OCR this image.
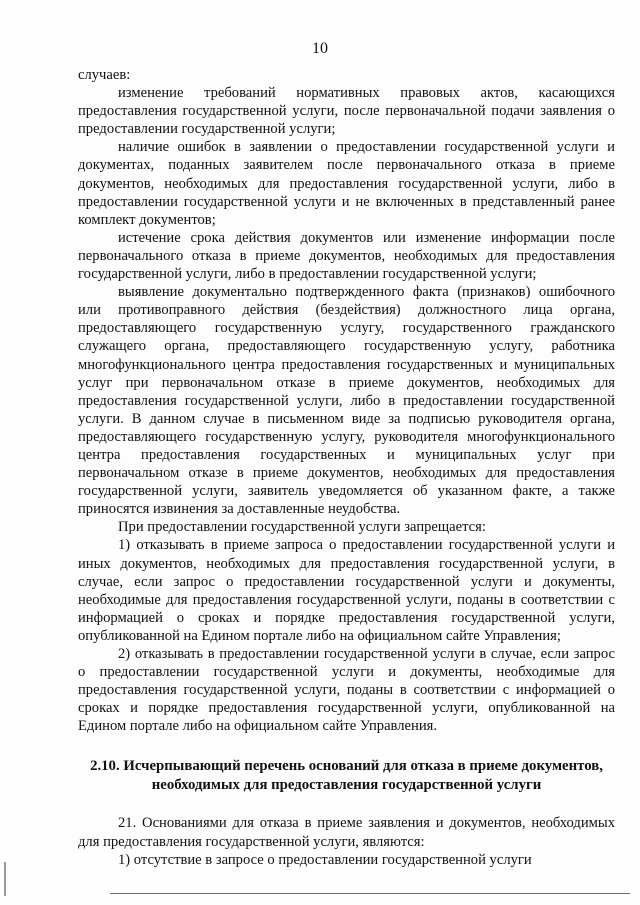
10

случаев:

изменение требований нормативных правовых актов, касающихся предоставления государственной услуги, после первоначальной подачи заявления о предоставлении государственной услуги;

наличие ошибок в заявлении о предоставлении государственной услуги и документах, поданных заявителем после первоначального отказа в приеме документов, необходимых для предоставления государственной услуги, либо в предоставлении государственной услуги и не включенных в представленный ранее комплект документов;

истечение срока действия документов или изменение информации после первоначального отказа в приеме документов, необходимых для предоставления государственной услуги, либо в предоставлении государственной услуги;

выявление документально подтвержденного факта (признаков) ошибочного или противоправного действия (бездействия) должностного лица органа, предоставляющего государственную услугу, государственного гражданского служащего органа, предоставляющего государственную услугу, работника многофункционального центра предоставления государственных и муниципальных услуг при первоначальном отказе в приеме документов, необходимых для предоставления государственной услуги, либо в предоставлении государственной услуги. В данном случае в письменном виде за подписью руководителя органа, предоставляющего государственную услугу, руководителя многофункционального центра предоставления государственных и муниципальных услуг при первоначальном отказе в приеме документов, необходимых для предоставления государственной услуги, заявитель уведомляется об указанном факте, а также приносятся извинения за доставленные неудобства.

При предоставлении государственной услуги запрещается:

1) отказывать в приеме запроса о предоставлении государственной услуги и иных документов, необходимых для предоставления государственной услуги, в случае, если запрос о предоставлении государственной услуги и документы, необходимые для предоставления государственной услуги, поданы в соответствии с информацией о сроках и порядке предоставления государственной услуги, опубликованной на Едином портале либо на официальном сайте Управления;

2) отказывать в предоставлении государственной услуги в случае, если запрос о предоставлении государственной услуги и документы, необходимые для предоставления государственной услуги, поданы в соответствии с информацией о сроках и порядке предоставления государственной услуги, опубликованной на Едином портале либо на официальном сайте Управления.

2.10. Исчерпывающий перечень оснований для отказа в приеме документов, необходимых для предоставления государственной услуги

21. Основаниями для отказа в приеме заявления и документов, необходимых для предоставления государственной услуги, являются:

1) отсутствие в запросе о предоставлении государственной услуги
